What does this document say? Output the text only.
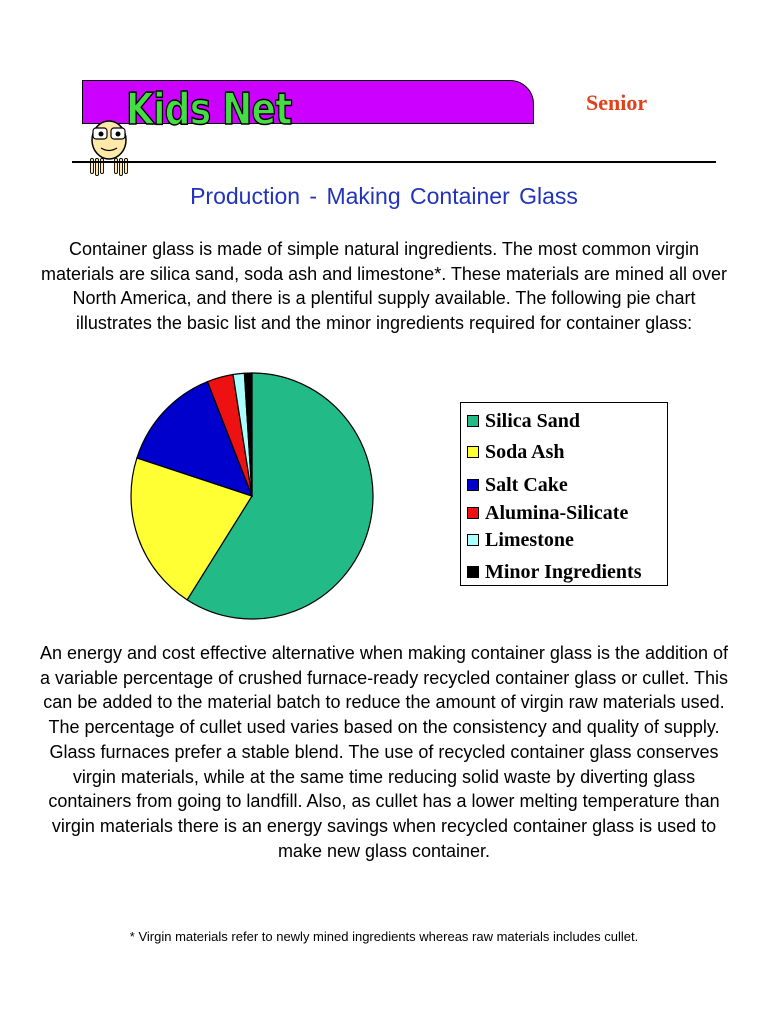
Kids Net	Senior
Production - Making Container Glass
Container glass is made of simple natural ingredients. The most common virgin materials are silica sand, soda ash and limestone*. These materials are mined all over North America, and there is a plentiful supply available. The following pie chart illustrates the basic list and the minor ingredients required for container glass:
Silica Sand
Soda Ash
Salt Cake
Alumina-Silicate
Limestone
Minor Ingredients
An energy and cost effective alternative when making container glass is the addition of a variable percentage of crushed furnace-ready recycled container glass or cullet. This can be added to the material batch to reduce the amount of virgin raw materials used. The percentage of cullet used varies based on the consistency and quality of supply. Glass furnaces prefer a stable blend. The use of recycled container glass conserves virgin materials, while at the same time reducing solid waste by diverting glass containers from going to landfill. Also, as cullet has a lower melting temperature than virgin materials there is an energy savings when recycled container glass is used to make new glass container.
* Virgin materials refer to newly mined ingredients whereas raw materials includes cullet.
